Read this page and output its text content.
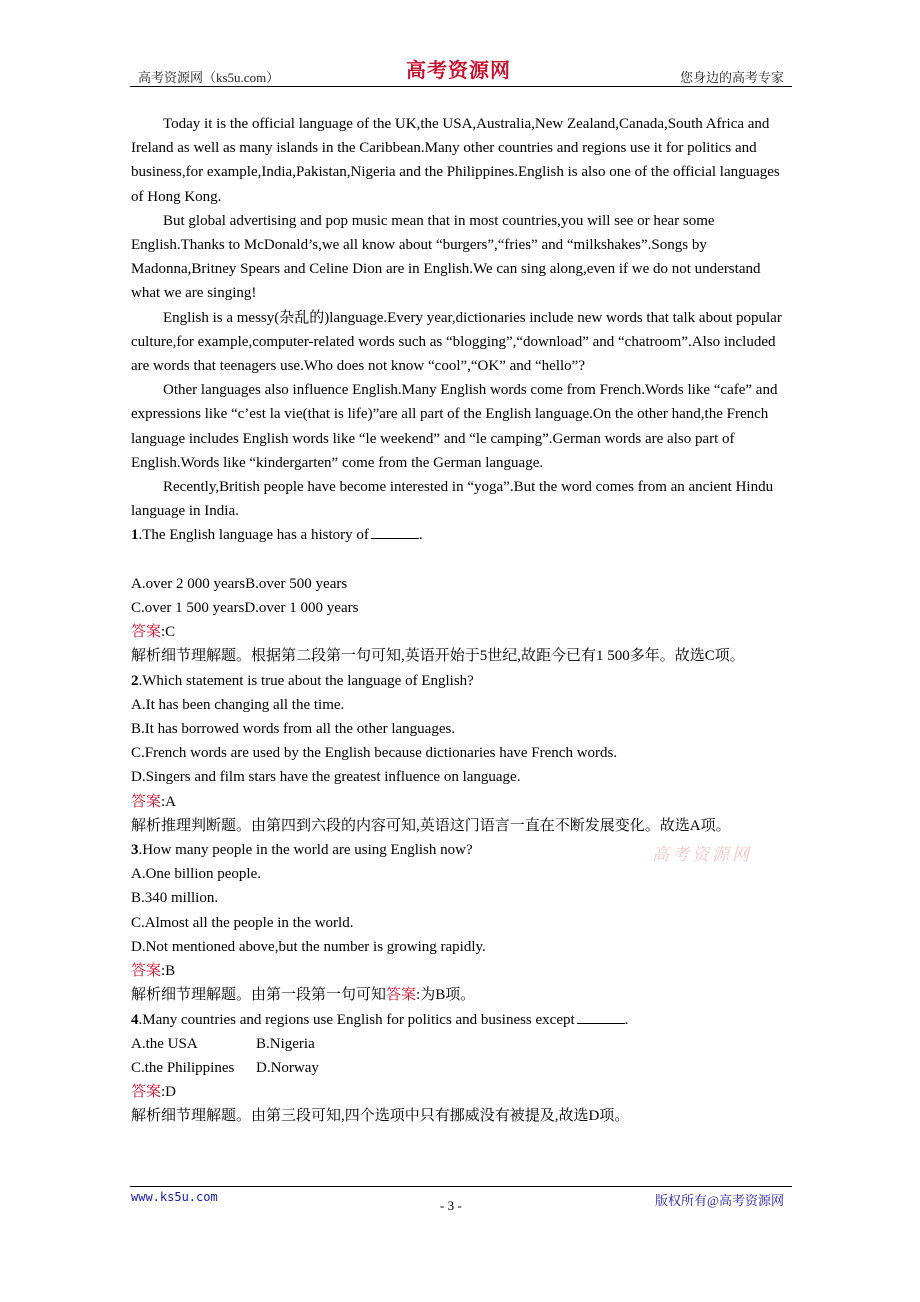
高考资源网（ks5u.com）	高考资源网	您身边的高考专家

Today it is the official language of the UK,the USA,Australia,New Zealand,Canada,South Africa and Ireland as well as many islands in the Caribbean.Many other countries and regions use it for politics and business,for example,India,Pakistan,Nigeria and the Philippines.English is also one of the official languages of Hong Kong.

But global advertising and pop music mean that in most countries,you will see or hear some English.Thanks to McDonald’s,we all know about “burgers”,“fries” and “milkshakes”.Songs by Madonna,Britney Spears and Celine Dion are in English.We can sing along,even if we do not understand what we are singing!

English is a messy(杂乱的)language.Every year,dictionaries include new words that talk about popular culture,for example,computer-related words such as “blogging”,“download” and “chatroom”.Also included are words that teenagers use.Who does not know “cool”,“OK” and “hello”?

Other languages also influence English.Many English words come from French.Words like “cafe” and expressions like “c’est la vie(that is life)”are all part of the English language.On the other hand,the French language includes English words like “le weekend” and “le camping”.German words are also part of English.Words like “kindergarten” come from the German language.

Recently,British people have become interested in “yoga”.But the word comes from an ancient Hindu language in India.

1.The English language has a history of	.

A.over 2 000 yearsB.over 500 years

C.over 1 500 yearsD.over 1 000 years

答案:C

解析细节理解题。根据第二段第一句可知,英语开始于5世纪,故距今已有1 500多年。故选C项。

2.Which statement is true about the language of English?

A.It has been changing all the time.

B.It has borrowed words from all the other languages.

C.French words are used by the English because dictionaries have French words.

D.Singers and film stars have the greatest influence on language.

答案:A

解析推理判断题。由第四到六段的内容可知,英语这门语言一直在不断发展变化。故选A项。

3.How many people in the world are using English now?

A.One billion people.

B.340 million.

C.Almost all the people in the world.

D.Not mentioned above,but the number is growing rapidly.

答案:B

解析细节理解题。由第一段第一句可知答案:为B项。

4.Many countries and regions use English for politics and business except	.

A.the USA	B.Nigeria

C.the Philippines D.Norway

答案:D

解析细节理解题。由第三段可知,四个选项中只有挪威没有被提及,故选D项。

高考资源网
www.ks5u.com
- 3 -	版权所有@高考资源网
